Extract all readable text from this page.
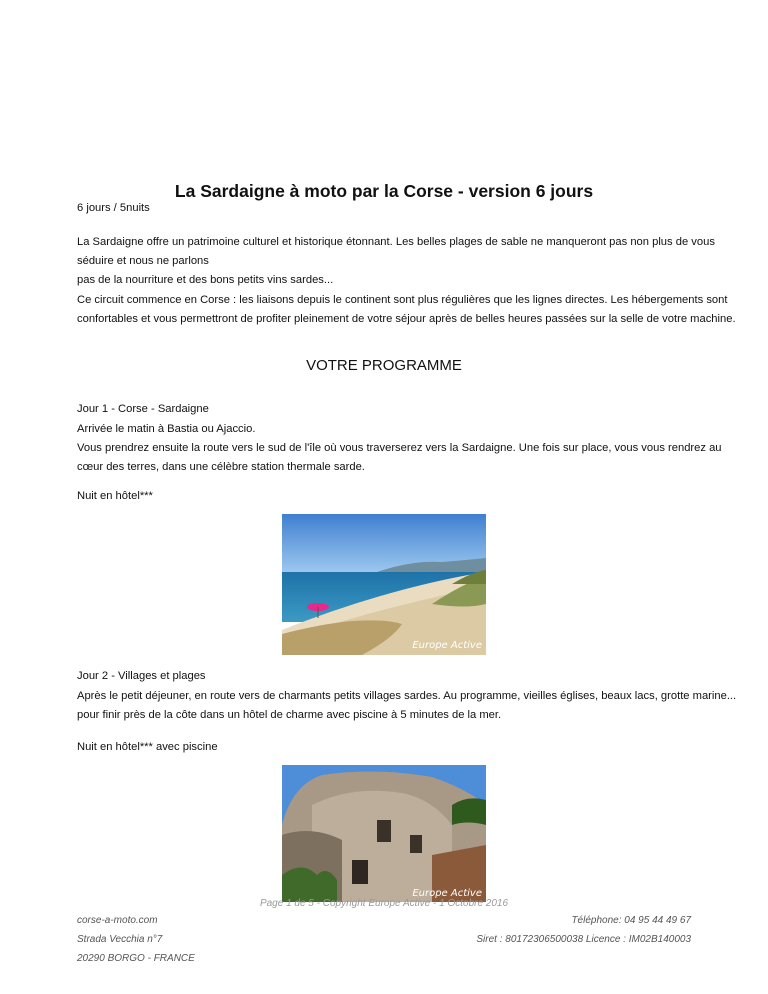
La Sardaigne à moto par la Corse - version 6 jours
6 jours / 5nuits

La Sardaigne offre un patrimoine culturel et historique étonnant. Les belles plages de sable ne manqueront pas non plus de vous séduire et nous ne parlons
pas de la nourriture et des bons petits vins sardes...
Ce circuit commence en Corse : les liaisons depuis le continent sont plus régulières que les lignes directes. Les hébergements sont confortables et vous permettront de profiter pleinement de votre séjour après de belles heures passées sur la selle de votre machine.

VOTRE PROGRAMME
Jour 1 - Corse - Sardaigne

Arrivée le matin à Bastia ou Ajaccio.
Vous prendrez ensuite la route vers le sud de l'île où vous traverserez vers la Sardaigne. Une fois sur place, vous vous rendrez au cœur des terres, dans une célèbre station thermale sarde.

Nuit en hôtel***
Europe Active
Jour 2 - Villages et plages

Après le petit déjeuner, en route vers de charmants petits villages sardes. Au programme, vieilles églises, beaux lacs, grotte marine... pour finir près de la côte dans un hôtel de charme avec piscine à 5 minutes de la mer.

Nuit en hôtel*** avec piscine
Europe Active
Page 1 de 5 - Copyright Europe Active - 1 Octobre 2016
corse-a-moto.com
Strada Vecchia n°7
20290 BORGO - FRANCE
Téléphone: 04 95 44 49 67
Siret : 80172306500038 Licence : IM02B140003
